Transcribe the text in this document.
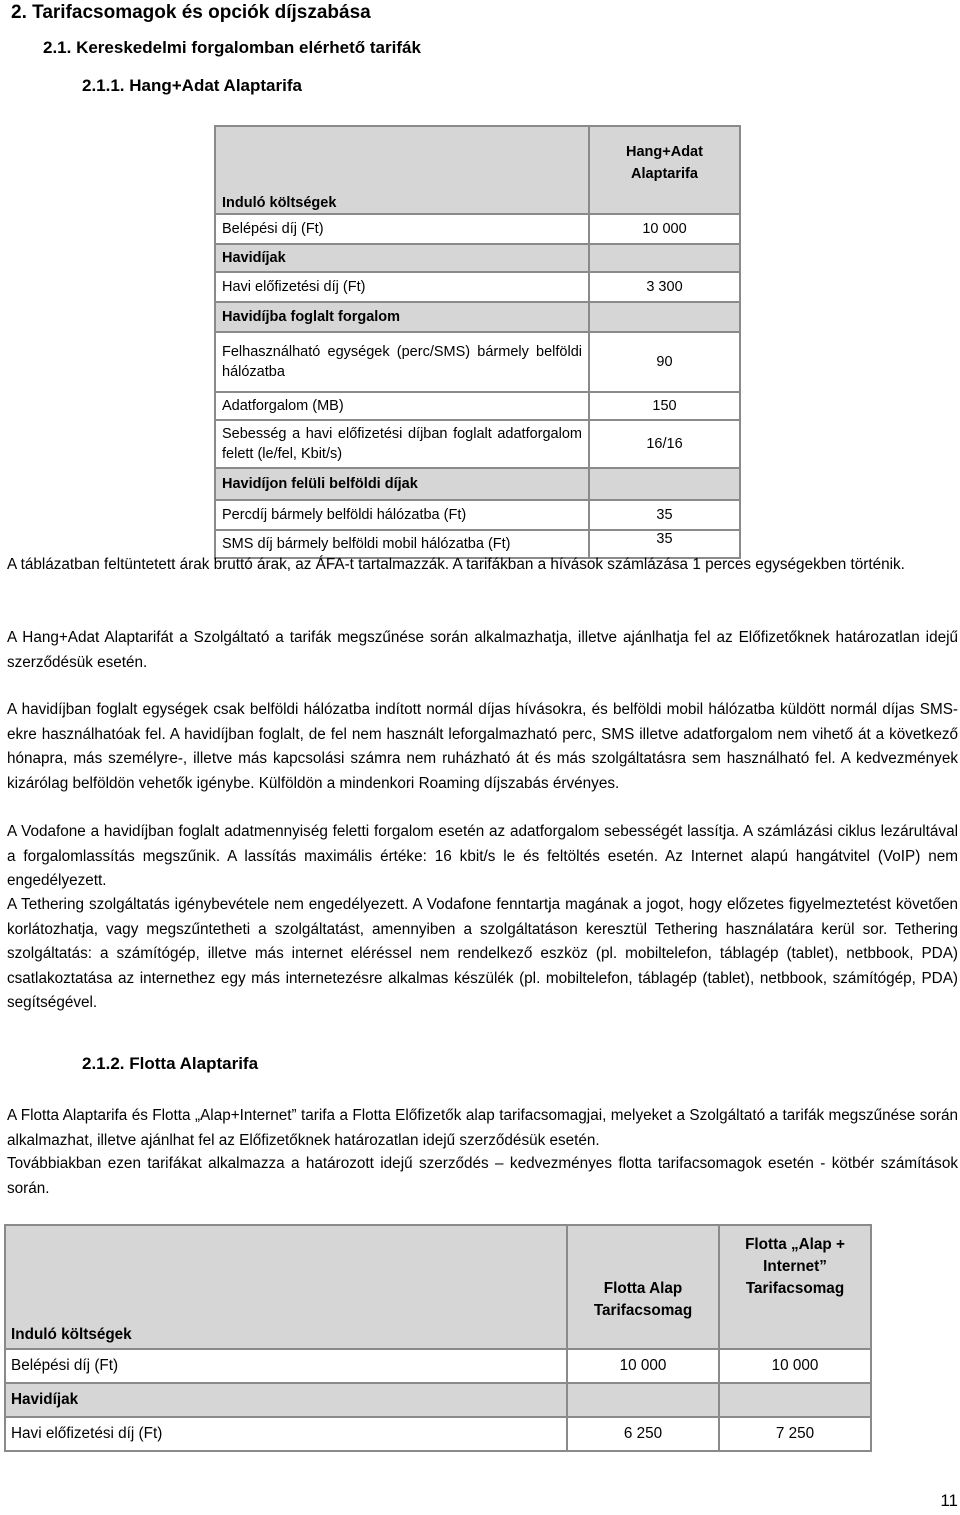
2. Tarifacsomagok és opciók díjszabása
2.1. Kereskedelmi forgalomban elérhető tarifák
2.1.1. Hang+Adat Alaptarifa
Induló költségek	Hang+Adat Alaptarifa
Belépési díj (Ft)	10 000
Havidíjak	
Havi előfizetési díj (Ft)	3 300
Havidíjba foglalt forgalom	
Felhasználható egységek (perc/SMS) bármely belföldi hálózatba	90
Adatforgalom (MB)	150
Sebesség a havi előfizetési díjban foglalt adatforgalom felett (le/fel, Kbit/s)	16/16
Havidíjon felüli belföldi díjak	
Percdíj bármely belföldi hálózatba (Ft)	35
SMS díj bármely belföldi mobil hálózatba (Ft)	35
A táblázatban feltüntetett árak bruttó árak, az ÁFA-t tartalmazzák. A tarifákban a hívások számlázása 1 perces egységekben történik.
A Hang+Adat Alaptarifát a Szolgáltató a tarifák megszűnése során alkalmazhatja, illetve ajánlhatja fel az Előfizetőknek határozatlan idejű szerződésük esetén.
A havidíjban foglalt egységek csak belföldi hálózatba indított normál díjas hívásokra, és belföldi mobil hálózatba küldött normál díjas SMS-ekre használhatóak fel. A havidíjban foglalt, de fel nem használt leforgalmazható perc, SMS illetve adatforgalom nem vihető át a következő hónapra, más személyre-, illetve más kapcsolási számra nem ruházható át és más szolgáltatásra sem használható fel. A kedvezmények kizárólag belföldön vehetők igénybe. Külföldön a mindenkori Roaming díjszabás érvényes.
A Vodafone a havidíjban foglalt adatmennyiség feletti forgalom esetén az adatforgalom sebességét lassítja. A számlázási ciklus lezárultával a forgalomlassítás megszűnik. A lassítás maximális értéke: 16 kbit/s le és feltöltés esetén. Az Internet alapú hangátvitel (VoIP) nem engedélyezett.
A Tethering szolgáltatás igénybevétele nem engedélyezett. A Vodafone fenntartja magának a jogot, hogy előzetes figyelmeztetést követően korlátozhatja, vagy megszűntetheti a szolgáltatást, amennyiben a szolgáltatáson keresztül Tethering használatára kerül sor. Tethering szolgáltatás: a számítógép, illetve más internet eléréssel nem rendelkező eszköz (pl. mobiltelefon, táblagép (tablet), netbbook, PDA) csatlakoztatása az internethez egy más internetezésre alkalmas készülék (pl. mobiltelefon, táblagép (tablet), netbbook, számítógép, PDA) segítségével.
2.1.2. Flotta Alaptarifa
A Flotta Alaptarifa és Flotta „Alap+Internet” tarifa a Flotta Előfizetők alap tarifacsomagjai, melyeket a Szolgáltató a tarifák megszűnése során alkalmazhat, illetve ajánlhat fel az Előfizetőknek határozatlan idejű szerződésük esetén.
Továbbiakban ezen tarifákat alkalmazza a határozott idejű szerződés – kedvezményes flotta tarifacsomagok esetén - kötbér számítások során.
Induló költségek	Flotta Alap Tarifacsomag	Flotta „Alap + Internet” Tarifacsomag
Belépési díj (Ft)	10 000	10 000
Havidíjak		
Havi előfizetési díj (Ft)	6 250	7 250
11
